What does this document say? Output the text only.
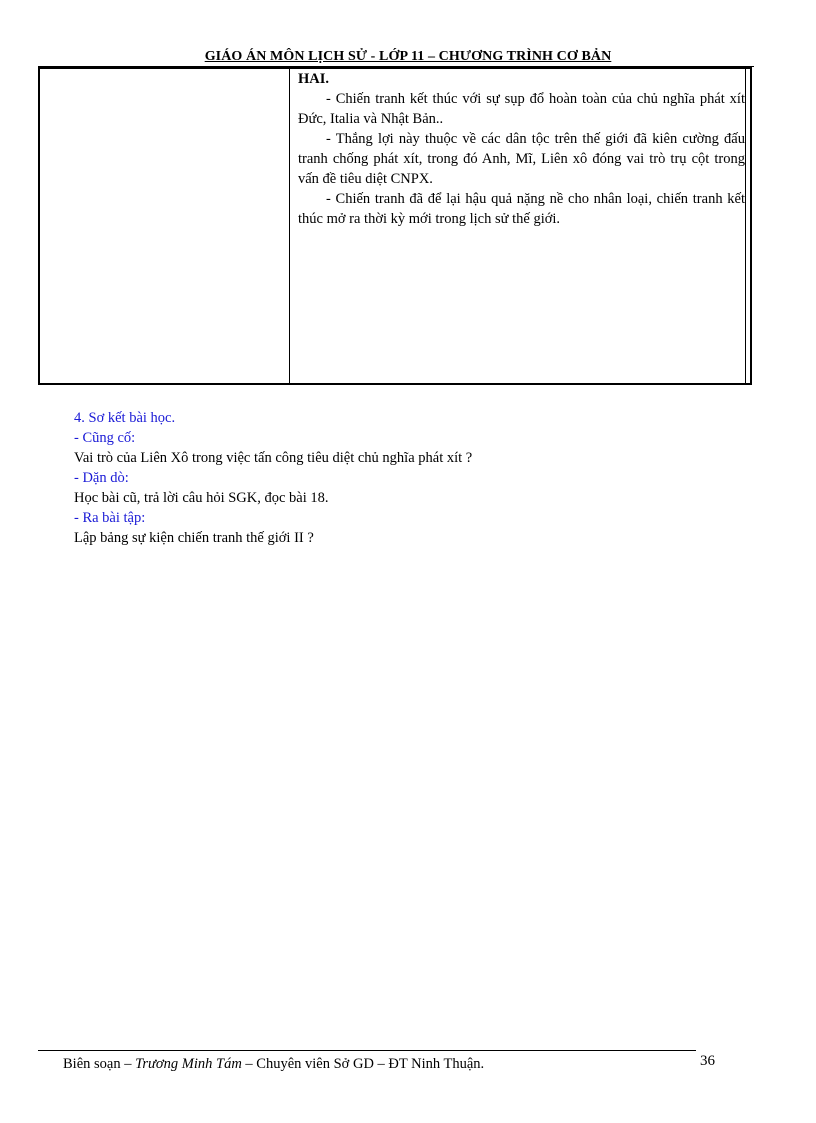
GIÁO ÁN MÔN LỊCH SỬ - LỚP 11 – CHƯƠNG TRÌNH CƠ BẢN

HAI.

- Chiến tranh kết thúc với sự sụp đổ hoàn toàn của chủ nghĩa phát xít Đức, Italia và Nhật Bản..

- Thắng lợi này thuộc về các dân tộc trên thế giới đã kiên cường đấu tranh chống phát xít, trong đó Anh, Mĩ, Liên xô đóng vai trò trụ cột trong vấn đề tiêu diệt CNPX.

- Chiến tranh đã để lại hậu quả nặng nề cho nhân loại, chiến tranh kết thúc mở ra thời kỳ mới trong lịch sử thế giới.

4. Sơ kết bài học.

- Cũng cố:

Vai trò của Liên Xô trong việc tấn công tiêu diệt chủ nghĩa phát xít ?

- Dặn dò:

Học bài cũ, trả lời câu hỏi SGK, đọc bài 18.

- Ra bài tập:

Lập bảng sự kiện chiến tranh thế giới II ?

Biên soạn – Trương Minh Tám – Chuyên viên Sở GD – ĐT Ninh Thuận.	36
